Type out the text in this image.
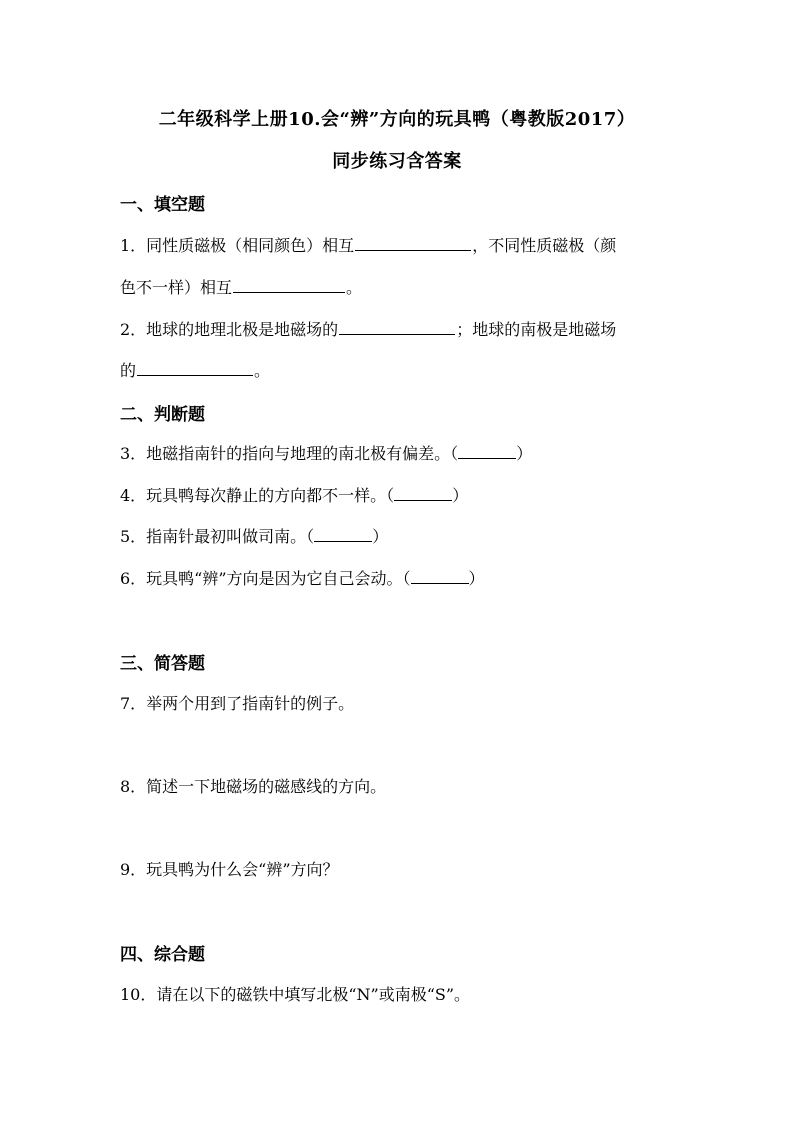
二年级科学上册10.会“辨”方向的玩具鸭（粤教版2017）
同步练习含答案
一、填空题
1．同性质磁极（相同颜色）相互	，不同性质磁极（颜
色不一样）相互	。
2．地球的地理北极是地磁场的	；地球的南极是地磁场
的	。
二、判断题
3．地磁指南针的指向与地理的南北极有偏差。（	）
4．玩具鸭每次静止的方向都不一样。（	）
5．指南针最初叫做司南。（	）
6．玩具鸭“辨”方向是因为它自己会动。（	）
三、简答题
7．举两个用到了指南针的例子。
8．简述一下地磁场的磁感线的方向。
9．玩具鸭为什么会“辨”方向？
四、综合题
10．请在以下的磁铁中填写北极“N”或南极“S”。
